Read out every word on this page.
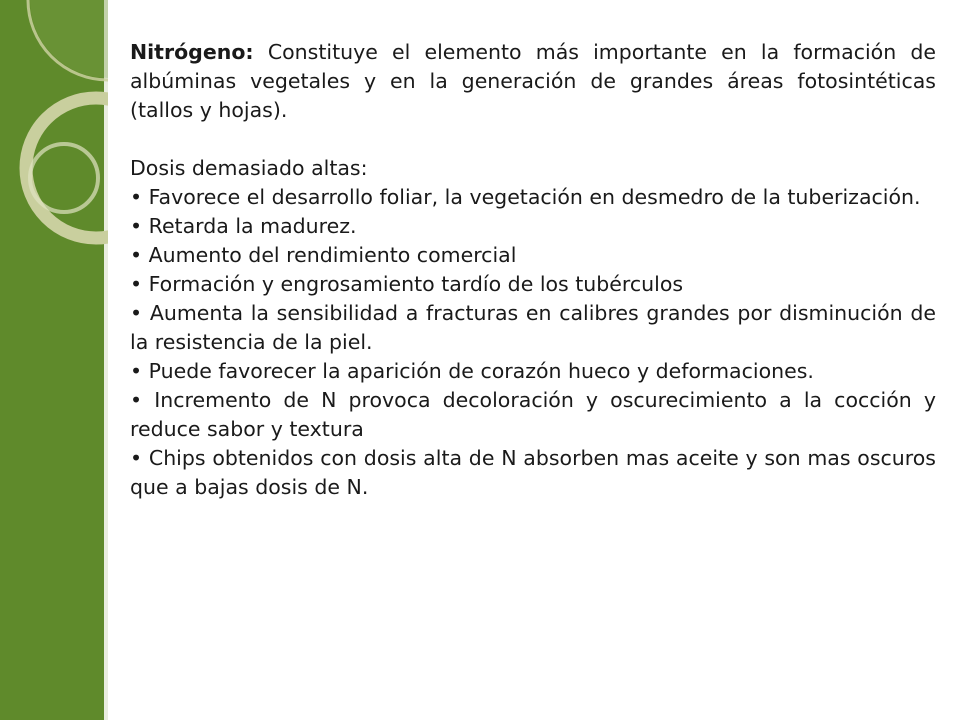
Nitrógeno: Constituye el elemento más importante en la formación de albúminas vegetales y en la generación de grandes áreas fotosintéticas (tallos y hojas).

Dosis demasiado altas:

• Favorece el desarrollo foliar, la vegetación en desmedro de la tuberización.
• Retarda la madurez.
• Aumento del rendimiento comercial
• Formación y engrosamiento tardío de los tubérculos
• Aumenta la sensibilidad a fracturas en calibres grandes por disminución de la resistencia de la piel.
• Puede favorecer la aparición de corazón hueco y deformaciones.
• Incremento de N provoca decoloración y oscurecimiento a la cocción y reduce sabor y textura
• Chips obtenidos con dosis alta de N absorben mas aceite y son mas oscuros que a bajas dosis de N.
